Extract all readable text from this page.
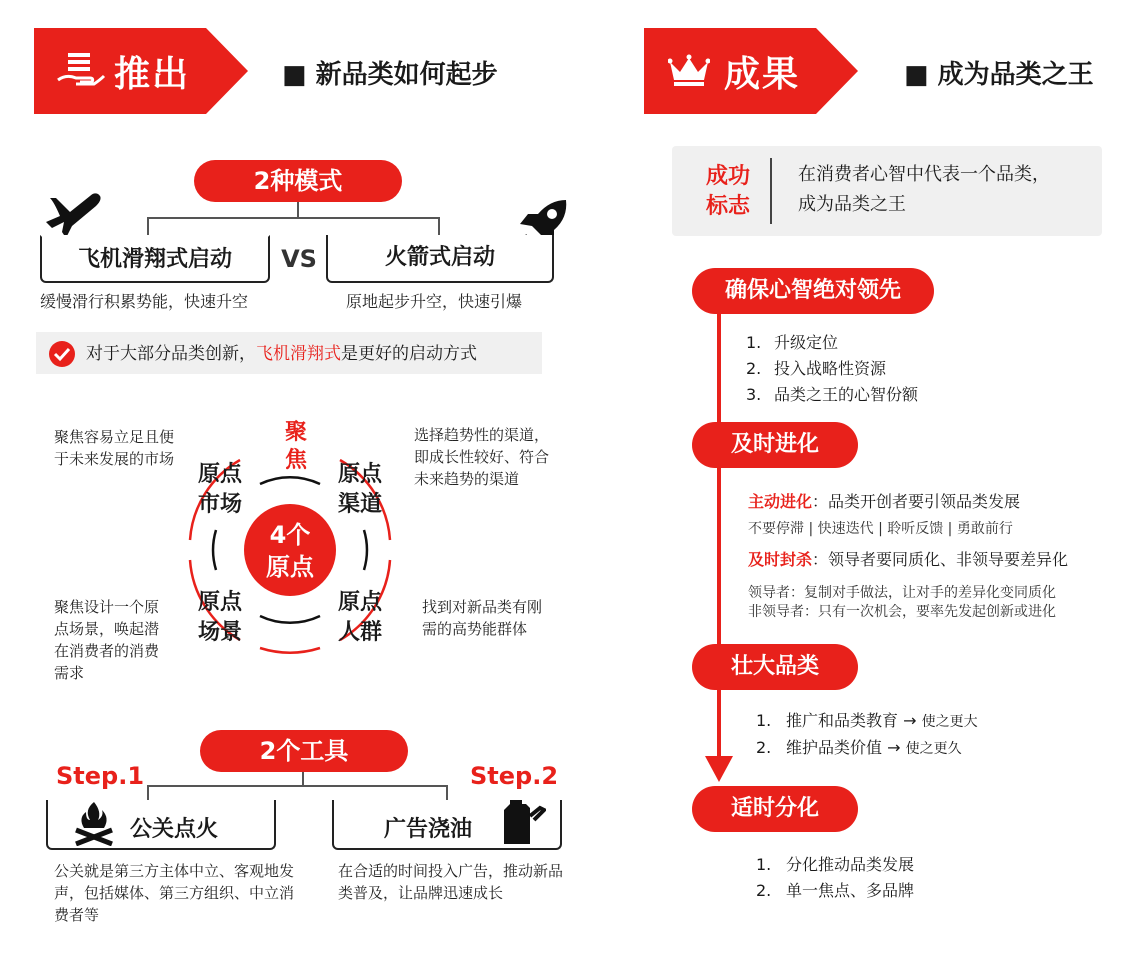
推出	■ 新品类如何起步	成果	■ 成为品类之王
2种模式
飞机滑翔式启动	VS	火箭式启动
缓慢滑行积累势能，快速升空	原地起步升空，快速引爆
对于大部分品类创新，飞机滑翔式是更好的启动方式
4个
原点
聚
焦
原点
市场
原点
渠道
原点
场景
原点
人群
聚焦容易立足且便于未来发展的市场
选择趋势性的渠道，即成长性较好、符合未来趋势的渠道
聚焦设计一个原点场景，唤起潜在消费者的消费需求
找到对新品类有刚需的高势能群体
2个工具
Step.1	Step.2
公关点火	广告浇油
公关就是第三方主体中立、客观地发声，包括媒体、第三方组织、中立消费者等
在合适的时间投入广告，推动新品类普及，让品牌迅速成长
成功
标志
在消费者心智中代表一个品类，
成为品类之王
确保心智绝对领先
1. 升级定位
2. 投入战略性资源
3. 品类之王的心智份额
及时进化
主动进化：品类开创者要引领品类发展
不要停滞 | 快速迭代 | 聆听反馈 | 勇敢前行
及时封杀：领导者要同质化、非领导要差异化
领导者：复制对手做法，让对手的差异化变同质化
非领导者：只有一次机会，要率先发起创新或进化
壮大品类
1. 推广和品类教育 → 使之更大
2. 维护品类价值 → 使之更久
适时分化
1. 分化推动品类发展
2. 单一焦点、多品牌
